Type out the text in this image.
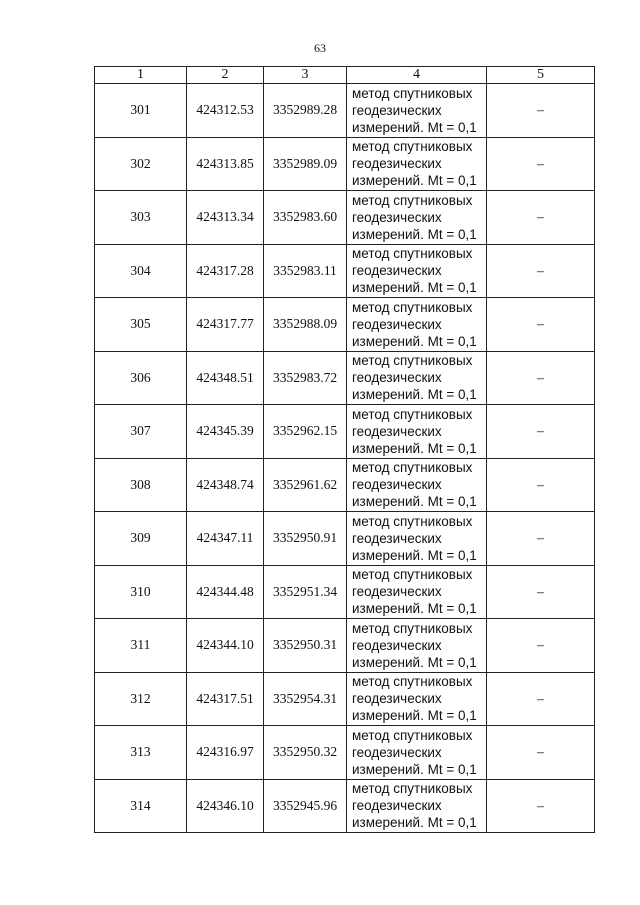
63
1	2	3	4	5
301	424312.53	3352989.28	метод спутниковых
геодезических
измерений. Mt = 0,1	–
302	424313.85	3352989.09	метод спутниковых
геодезических
измерений. Mt = 0,1	–
303	424313.34	3352983.60	метод спутниковых
геодезических
измерений. Mt = 0,1	–
304	424317.28	3352983.11	метод спутниковых
геодезических
измерений. Mt = 0,1	–
305	424317.77	3352988.09	метод спутниковых
геодезических
измерений. Mt = 0,1	–
306	424348.51	3352983.72	метод спутниковых
геодезических
измерений. Mt = 0,1	–
307	424345.39	3352962.15	метод спутниковых
геодезических
измерений. Mt = 0,1	–
308	424348.74	3352961.62	метод спутниковых
геодезических
измерений. Mt = 0,1	–
309	424347.11	3352950.91	метод спутниковых
геодезических
измерений. Mt = 0,1	–
310	424344.48	3352951.34	метод спутниковых
геодезических
измерений. Mt = 0,1	–
311	424344.10	3352950.31	метод спутниковых
геодезических
измерений. Mt = 0,1	–
312	424317.51	3352954.31	метод спутниковых
геодезических
измерений. Mt = 0,1	–
313	424316.97	3352950.32	метод спутниковых
геодезических
измерений. Mt = 0,1	–
314	424346.10	3352945.96	метод спутниковых
геодезических
измерений. Mt = 0,1	–
